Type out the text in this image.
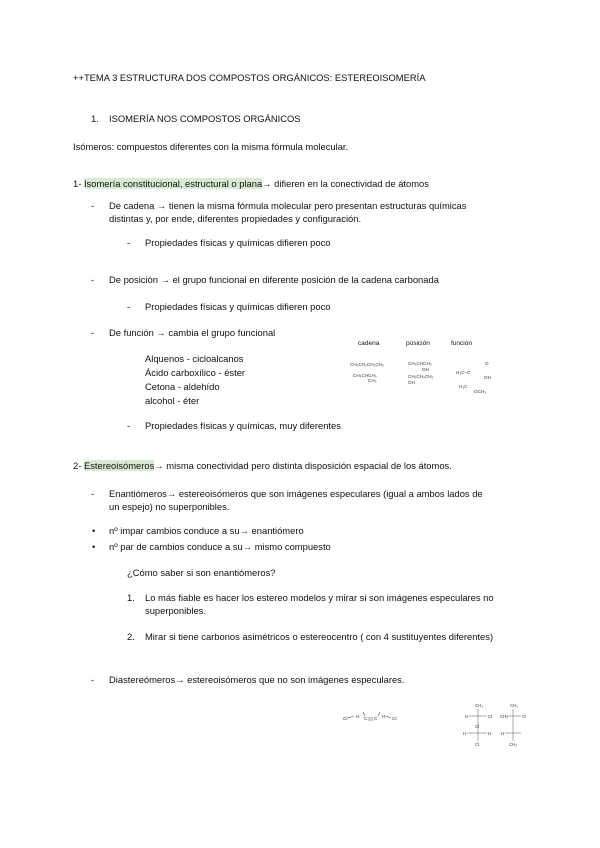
++TEMA 3 ESTRUCTURA DOS COMPOSTOS ORGÁNICOS: ESTEREOISOMERÍA
1. ISOMERÍA NOS COMPOSTOS ORGÁNICOS
Isómeros: compuestos diferentes con la misma fórmula molecular.
1- Isomería constitucional, estructural o plana→ difieren en la conectividad de átomos
- De cadena → tienen la misma fórmula molecular pero presentan estructuras químicas
distintas y, por ende, diferentes propiedades y configuración.
- Propiedades físicas y químicas difieren poco
- De posición → el grupo funcional en diferente posición de la cadena carbonada
- Propiedades físicas y químicas difieren poco
- De función → cambia el grupo funcional
Alquenos - cicloalcanos
Ácido carboxílico - éster
Cetona - aldehído
alcohol - éter
- Propiedades físicas y químicas, muy diferentes
cadena	posición	función
CH₃CH₂CH₂CH₃
CH₃CHCH₃
CH₃
CH₃CHCH₃
OH
CH₃CH₂CH₂
OH
O
H₃C–C
OH
H₃C
OCH₃
2- Estereoisómeros→ misma conectividad pero distinta disposición espacial de los átomos.
- Enantiómeros→ estereoisómeros que son imágenes especulares (igual a ambos lados de
un espejo) no superponibles.
• nº impar cambios conduce a su→ enantiómero
• nº par de cambios conduce a su→ mismo compuesto
¿Cómo saber si son enantiómeros?
1. Lo más fiable es hacer los estereo modelos y mirar si son imágenes especulares no
superponibles.
2. Mirar si tiene carbonos asimétricos o estereocentro ( con 4 sustituyentes diferentes)
- Diastereómeros→ estereoisómeros que no son imágenes especulares.
Cl H C C H Cl
CH₃
H	Cl
Cl
H	H
Cl
CH₃
CH₃	Cl
H
CH₃
